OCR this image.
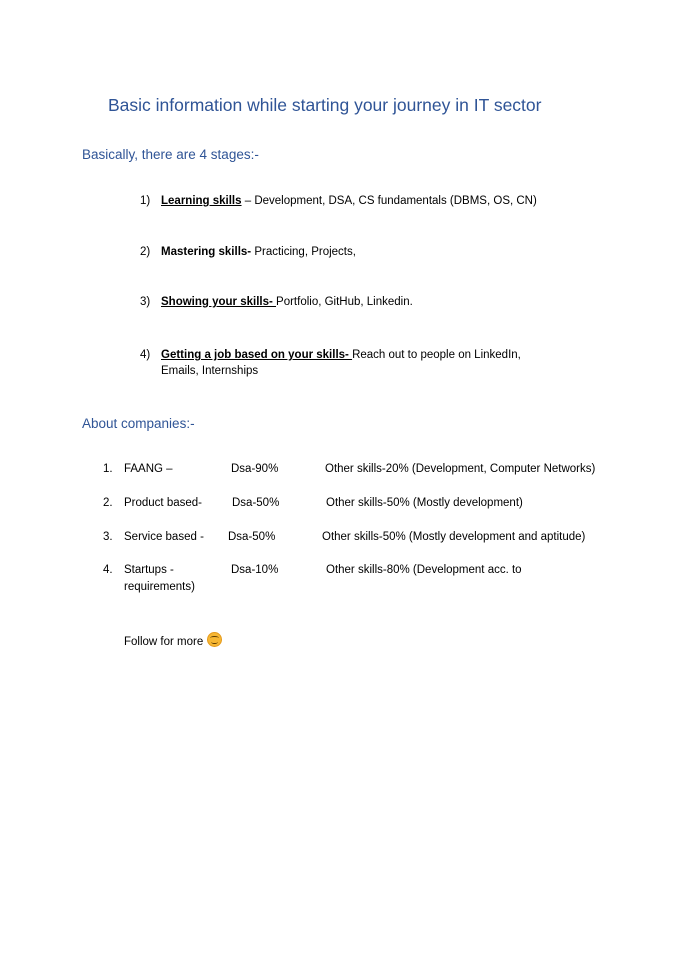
Basic information while starting your journey in IT sector
Basically, there are 4 stages:-
1) Learning skills – Development, DSA, CS fundamentals (DBMS, OS, CN)
2) Mastering skills- Practicing, Projects,
3) Showing your skills- Portfolio, GitHub, Linkedin.
4) Getting a job based on your skills- Reach out to people on LinkedIn, Emails, Internships
About companies:-
1. FAANG –	Dsa-90%	Other skills-20% (Development, Computer Networks)
2. Product based-	Dsa-50%	Other skills-50% (Mostly development)
3. Service based - Dsa-50%	Other skills-50% (Mostly development and aptitude)
4. Startups -	Dsa-10%	Other skills-80% (Development acc. to
requirements)
Follow for more
